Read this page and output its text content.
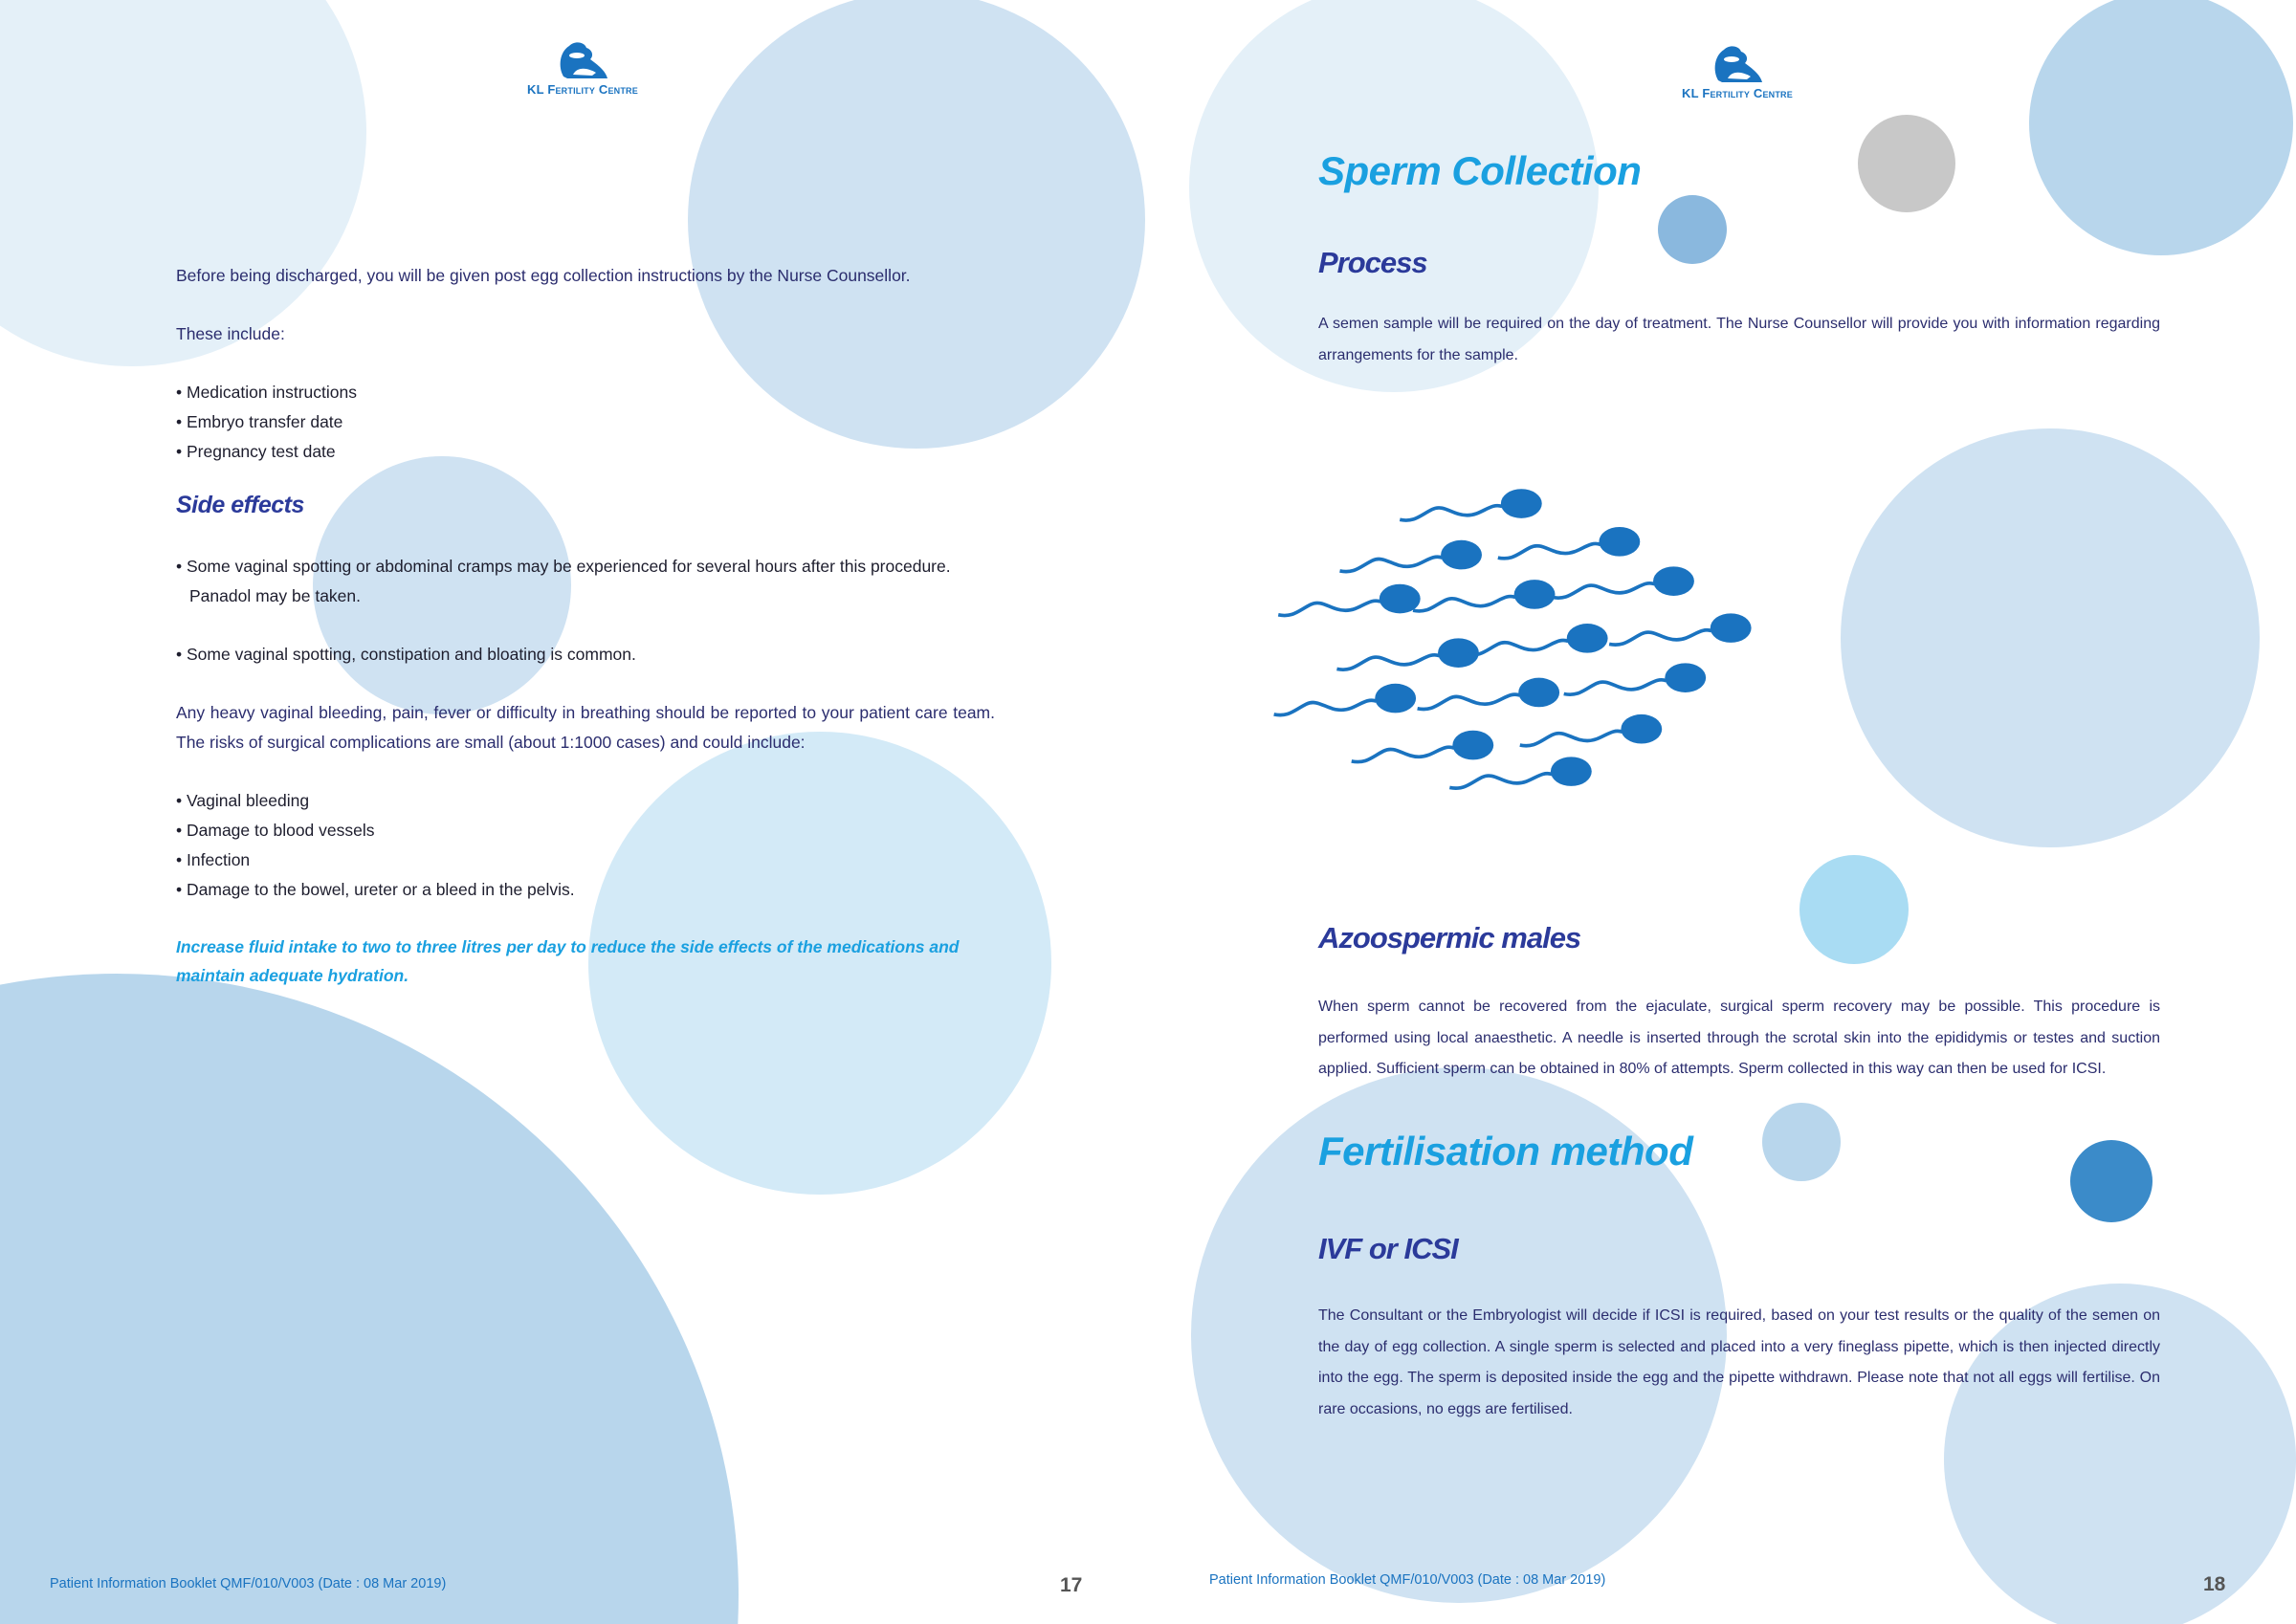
KL Fertility Centre	KL Fertility Centre

Before being discharged, you will be given post egg collection instructions by the Nurse Counsellor.

These include:

• Medication instructions
• Embryo transfer date
• Pregnancy test date
Side effects
• Some vaginal spotting or abdominal cramps may be experienced for several hours after this procedure. Panadol may be taken.
• Some vaginal spotting, constipation and bloating is common.

Any heavy vaginal bleeding, pain, fever or difficulty in breathing should be reported to your patient care team. The risks of surgical complications are small (about 1:1000 cases) and could include:

• Vaginal bleeding
• Damage to blood vessels
• Infection
• Damage to the bowel, ureter or a bleed in the pelvis.

Increase fluid intake to two to three litres per day to reduce the side effects of the medications and maintain adequate hydration.

Patient Information Booklet QMF/010/V003 (Date : 08 Mar 2019)	17
Sperm Collection
Process

A semen sample will be required on the day of treatment. The Nurse Counsellor will provide you with information regarding arrangements for the sample.

Azoospermic males

When sperm cannot be recovered from the ejaculate, surgical sperm recovery may be possible. This procedure is performed using local anaesthetic. A needle is inserted through the scrotal skin into the epididymis or testes and suction applied. Sufficient sperm can be obtained in 80% of attempts. Sperm collected in this way can then be used for ICSI.

Fertilisation method
IVF or ICSI

The Consultant or the Embryologist will decide if ICSI is required, based on your test results or the quality of the semen on the day of egg collection. A single sperm is selected and placed into a very fineglass pipette, which is then injected directly into the egg. The sperm is deposited inside the egg and the pipette withdrawn. Please note that not all eggs will fertilise. On rare occasions, no eggs are fertilised.

Patient Information Booklet QMF/010/V003 (Date : 08 Mar 2019)	18
